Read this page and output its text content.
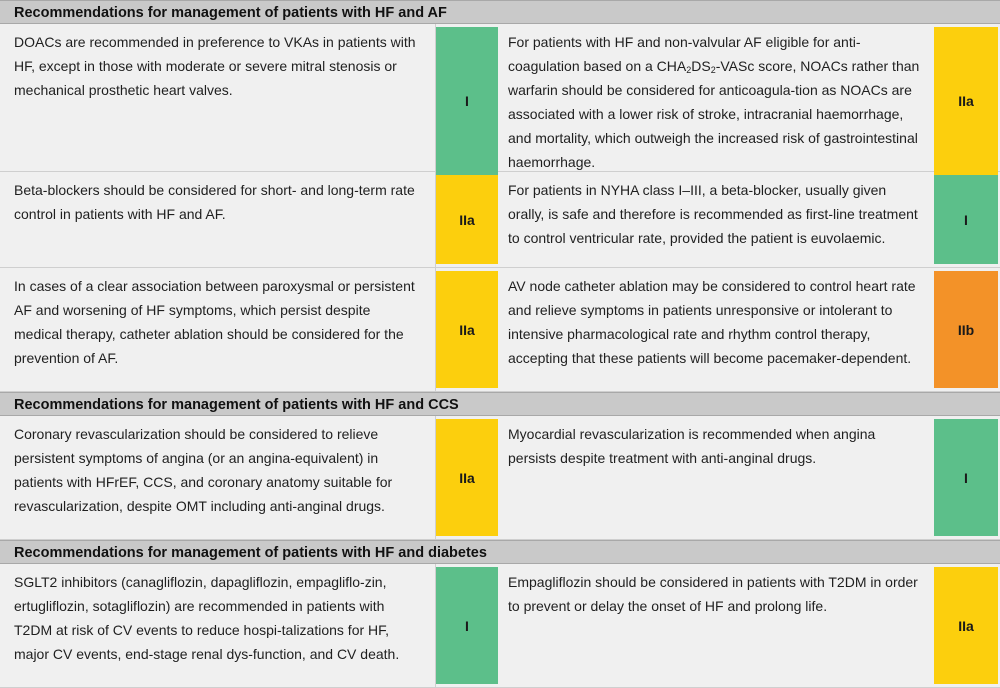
Recommendations for management of patients with HF and AF
DOACs are recommended in preference to VKAs in patients with HF, except in those with moderate or severe mitral stenosis or mechanical prosthetic heart valves.
I
For patients with HF and non-valvular AF eligible for anti-coagulation based on a $CHA_2DS_2$-VASc score, NOACs rather than warfarin should be considered for anticoagula-tion as NOACs are associated with a lower risk of stroke, intracranial haemorrhage, and mortality, which outweigh the increased risk of gastrointestinal haemorrhage.
IIa
Beta-blockers should be considered for short- and long-term rate control in patients with HF and AF.	IIa
For patients in NYHA class I–III, a beta-blocker, usually given orally, is safe and therefore is recommended as first-line treatment to control ventricular rate, provided the patient is euvolaemic.
I
In cases of a clear association between paroxysmal or persistent AF and worsening of HF symptoms, which persist despite medical therapy, catheter ablation should be considered for the prevention of AF.
IIa
AV node catheter ablation may be considered to control heart rate and relieve symptoms in patients unresponsive or intolerant to intensive pharmacological rate and rhythm control therapy, accepting that these patients will become pacemaker-dependent.
IIb
Recommendations for management of patients with HF and CCS
Coronary revascularization should be considered to relieve persistent symptoms of angina (or an angina-equivalent) in patients with HFrEF, CCS, and coronary anatomy suitable for revascularization, despite OMT including anti-anginal drugs.
IIa
Myocardial revascularization is recommended when angina persists despite treatment with anti-anginal drugs.
I
Recommendations for management of patients with HF and diabetes
SGLT2 inhibitors (canagliflozin, dapagliflozin, empagliflo-zin, ertugliflozin, sotagliflozin) are recommended in patients with T2DM at risk of CV events to reduce hospi-talizations for HF, major CV events, end-stage renal dys-function, and CV death.
I
Empagliflozin should be considered in patients with T2DM in order to prevent or delay the onset of HF and prolong life.
IIa
